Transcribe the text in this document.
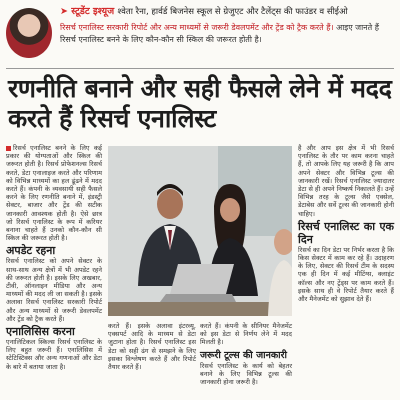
➤ स्टूडेंट इश्यूज श्वेता रैना, हार्वर्ड बिजनेस स्कूल से ग्रेजुएट और टैलेंट्स की फाउंडर व सीईओ
रिसर्च एनालिस्ट सरकारी रिपोर्ट और अन्य माध्यमों से जरूरी डेवलपमेंट और ट्रेंड को ट्रैक करते हैं। आइए जानते हैं रिसर्च एनालिस्ट बनने के लिए कौन-कौन सी स्किल की जरूरत होती है।
रणनीति बनाने और सही फैसले लेने में मदद करते हैं रिसर्च एनालिस्ट

रिसर्च एनालिस्ट बनने के लिए कई प्रकार की योग्यताओं और स्किल की जरूरत होती है। रिसर्च प्रोफेशनल्स रिसर्च करते, डेटा एनालाइज करते और परिणाम को विभिन्न माध्यमों का हल ढूंढने में मदद करते हैं। कंपनी के व्यवसायी सही फैसले करने के लिए रणनीति बनाने में, इंडस्ट्री सेक्टर, बाजार और ट्रेंड की सटीक जानकारी आवश्यक होती है। ऐसे छात्र जो रिसर्च एनालिस्ट के रूप में करियर बनाना चाहते हैं उनको कौन-कौन सी स्किल की जरूरत होती है।

अपडेट रहना

रिसर्च एनालिस्ट को अपने सेक्टर के साथ-साथ अन्य क्षेत्रों में भी अपडेट रहने की जरूरत होती है। इसके लिए अखबार, टीवी, ऑनलाइन मीडिया और अन्य माध्यमों की मदद ली जा सकती है। इसके अलावा रिसर्च एनालिस्ट सरकारी रिपोर्ट और अन्य माध्यमों से जरूरी डेवलपमेंट और ट्रेंड को ट्रैक करते हैं।

एनालिसिस करना

एनालिटिकल स्किल्स रिसर्च एनालिस्ट के लिए बहुत जरूरी हैं। एनालिसिस में स्टेटिस्टिक्स और अन्य गणनाओं और डेटा के बारे में बताया जाता है।

करते हैं। इसके अलावा इंटरव्यू, एक्सपर्ट आदि के माध्यम से डेटा जुटाना होता है। रिसर्च एनालिस्ट इस डेटा को सही ढंग से समझने के लिए इसका विश्लेषण करते हैं और रिपोर्ट तैयार करते हैं।

करते हैं। कंपनी के सीनियर मैनेजमेंट को इस डेटा से निर्णय लेने में मदद मिलती है।

जरूरी टूल्स की जानकारी

रिसर्च एनालिस्ट के कार्य को बेहतर बनाने के लिए विभिन्न टूल्स की जानकारी होना जरूरी है।

है और आप इस क्षेत्र में भी रिसर्च एनालिस्ट के तौर पर काम करना चाहते हैं, तो आपके लिए यह जरूरी है कि आप अपने सेक्टर और विभिन्न टूल्स की जानकारी रखें। रिसर्च एनालिस्ट ज्यादातर डेटा से ही अपने निष्कर्ष निकालते हैं। उन्हें विभिन्न तरह के टूल्स जैसे एक्सेल, डेटाबेस और सर्वे टूल्स की जानकारी होनी चाहिए।

रिसर्च एनालिस्ट का एक दिन

रिसर्च का दिन डेटा पर निर्भर करता है कि किस सेक्टर में काम कर रहे हैं। उदाहरण के लिए, सेक्टर की रिसर्च टीम के सदस्य एक ही दिन में कई मीटिंग्स, क्लाइंट कॉल्स और नए ट्रेंड्स पर काम करते हैं। इसके साथ ही वे रिपोर्ट तैयार करते हैं और मैनेजमेंट को सुझाव देते हैं।
